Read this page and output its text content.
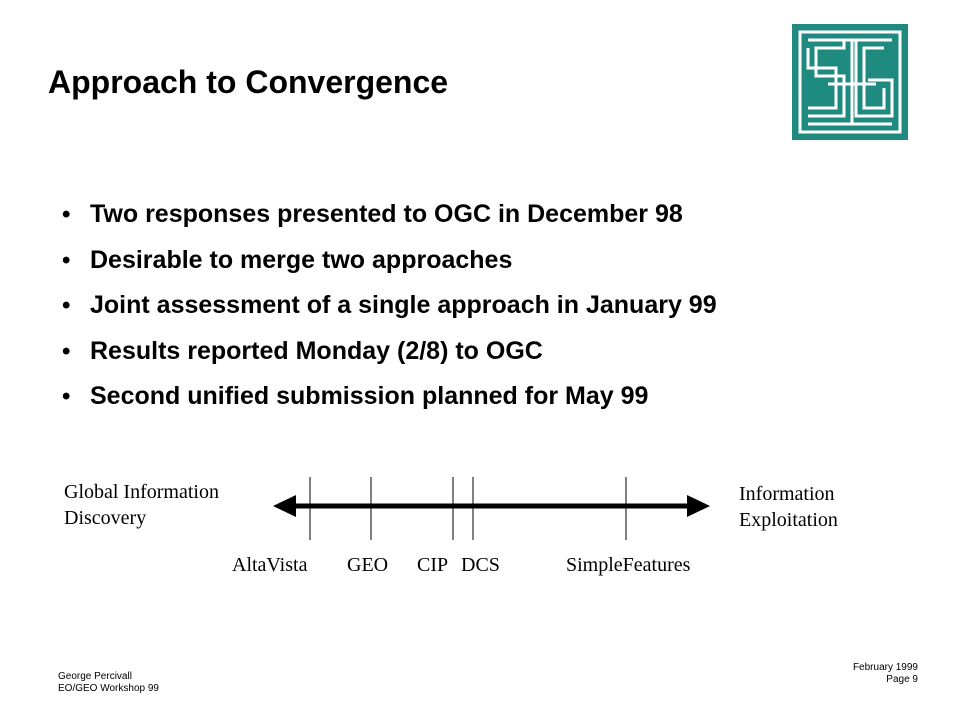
Approach to Convergence
• Two responses presented to OGC in December 98
• Desirable to merge two approaches
• Joint assessment of a single approach in January 99
• Results reported Monday (2/8) to OGC
• Second unified submission planned for May 99
Global Information
Discovery
Information
Exploitation
AltaVista GEO CIP DCS	SimpleFeatures
George Percivall
EO/GEO Workshop 99
February 1999
Page 9
